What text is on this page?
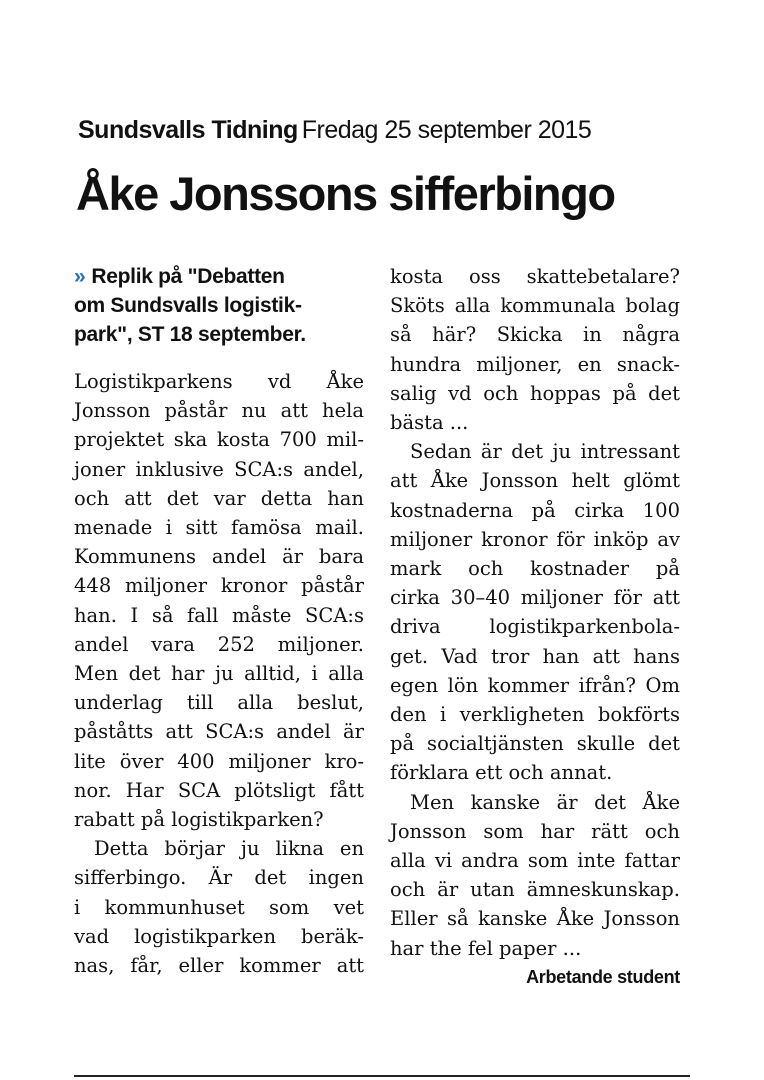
Sundsvalls Tidning Fredag 25 september 2015
Åke Jonssons sifferbingo
» Replik på "Debatten
om Sundsvalls logistik-
park", ST 18 september.
Logistikparkens vd Åke
Jonsson påstår nu att hela
projektet ska kosta 700 mil-
joner inklusive SCA:s andel,
och att det var detta han
menade i sitt famösa mail.
Kommunens andel är bara
448 miljoner kronor påstår
han. I så fall måste SCA:s
andel vara 252 miljoner.
Men det har ju alltid, i alla
underlag till alla beslut,
påståtts att SCA:s andel är
lite över 400 miljoner kro-
nor. Har SCA plötsligt fått
rabatt på logistikparken?
Detta börjar ju likna en
sifferbingo. Är det ingen
i kommunhuset som vet
vad logistikparken beräk-
nas, får, eller kommer att
kosta oss skattebetalare?
Sköts alla kommunala bolag
så här? Skicka in några
hundra miljoner, en snack-
salig vd och hoppas på det
bästa ...
Sedan är det ju intressant
att Åke Jonsson helt glömt
kostnaderna på cirka 100
miljoner kronor för inköp av
mark och kostnader på
cirka 30–40 miljoner för att
driva logistikparkenbola-
get. Vad tror han att hans
egen lön kommer ifrån? Om
den i verkligheten bokförts
på socialtjänsten skulle det
förklara ett och annat.
Men kanske är det Åke
Jonsson som har rätt och
alla vi andra som inte fattar
och är utan ämneskunskap.
Eller så kanske Åke Jonsson
har the fel paper ...
Arbetande student
